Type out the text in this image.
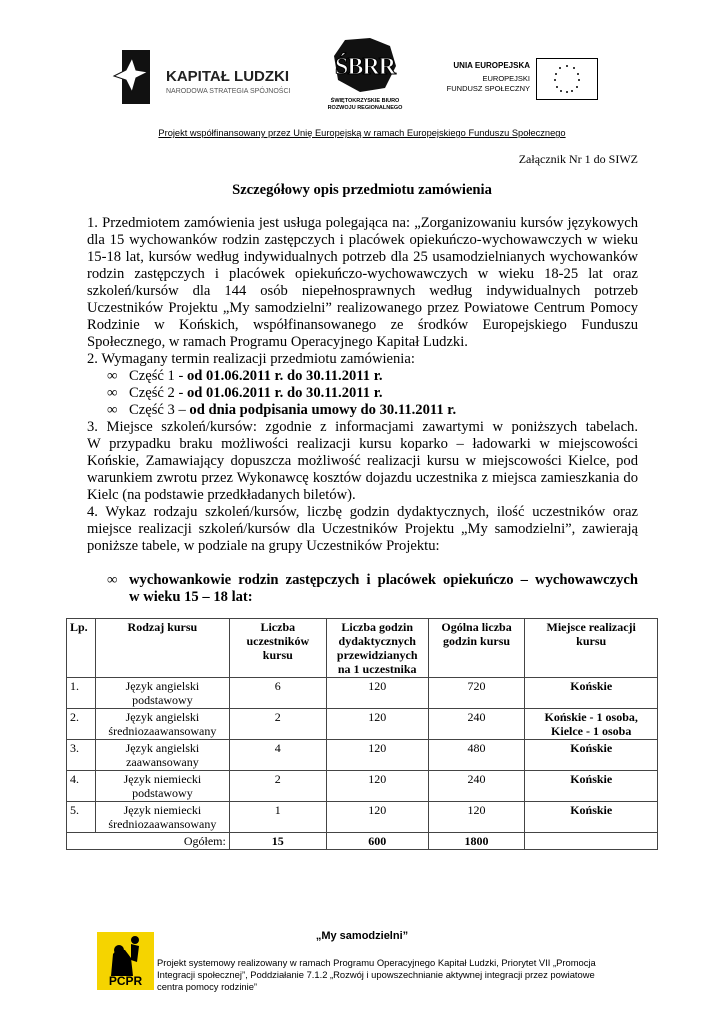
KAPITAŁ LUDZKI
NARODOWA STRATEGIA SPÓJNOŚCI
ŚBRR
ŚWIĘTOKRZYSKIE BIURO
ROZWOJU REGIONALNEGO
UNIA EUROPEJSKA
EUROPEJSKI
FUNDUSZ SPOŁECZNY
Projekt współfinansowany przez Unię Europejską w ramach Europejskiego Funduszu Społecznego
Załącznik Nr 1 do SIWZ
Szczegółowy opis przedmiotu zamówienia
1. Przedmiotem zamówienia jest usługa polegająca na: „Zorganizowaniu kursów językowych
dla 15 wychowanków rodzin zastępczych i placówek opiekuńczo-wychowawczych w wieku
15-18 lat, kursów według indywidualnych potrzeb dla 25 usamodzielnianych wychowanków
rodzin zastępczych i placówek opiekuńczo-wychowawczych w wieku 18-25 lat oraz
szkoleń/kursów dla 144 osób niepełnosprawnych według indywidualnych potrzeb
Uczestników Projektu „My samodzielni” realizowanego przez Powiatowe Centrum Pomocy
Rodzinie w Końskich, współfinansowanego ze środków Europejskiego Funduszu
Społecznego, w ramach Programu Operacyjnego Kapitał Ludzki.
2. Wymagany termin realizacji przedmiotu zamówienia:
∞ Część 1 - od 01.06.2011 r. do 30.11.2011 r.
∞ Część 2 - od 01.06.2011 r. do 30.11.2011 r.
∞ Część 3 – od dnia podpisania umowy do 30.11.2011 r.
3. Miejsce szkoleń/kursów: zgodnie z informacjami zawartymi w poniższych tabelach.
W przypadku braku możliwości realizacji kursu koparko – ładowarki w miejscowości
Końskie, Zamawiający dopuszcza możliwość realizacji kursu w miejscowości Kielce, pod
warunkiem zwrotu przez Wykonawcę kosztów dojazdu uczestnika z miejsca zamieszkania do
Kielc (na podstawie przedkładanych biletów).
4. Wykaz rodzaju szkoleń/kursów, liczbę godzin dydaktycznych, ilość uczestników oraz
miejsce realizacji szkoleń/kursów dla Uczestników Projektu „My samodzielni”, zawierają
poniższe tabele, w podziale na grupy Uczestników Projektu:
∞ wychowankowie rodzin zastępczych i placówek opiekuńczo – wychowawczych
w wieku 15 – 18 lat:
Lp.	Rodzaj kursu	Liczba uczestników kursu	Liczba godzin dydaktycznych przewidzianych na 1 uczestnika	Ogólna liczba godzin kursu	Miejsce realizacji kursu
1.	Język angielski podstawowy	6	120	720	Końskie
2.	Język angielski średniozaawansowany	2	120	240	Końskie - 1 osoba, Kielce - 1 osoba
3.	Język angielski zaawansowany	4	120	480	Końskie
4.	Język niemiecki podstawowy	2	120	240	Końskie
5.	Język niemiecki średniozaawansowany	1	120	120	Końskie
Ogółem:		15	600	1800	
„My samodzielni”
PCPR
Projekt systemowy realizowany w ramach Programu Operacyjnego Kapitał Ludzki, Priorytet VII „Promocja
Integracji społecznej”, Poddziałanie 7.1.2 „Rozwój i upowszechnianie aktywnej integracji przez powiatowe
centra pomocy rodzinie”
